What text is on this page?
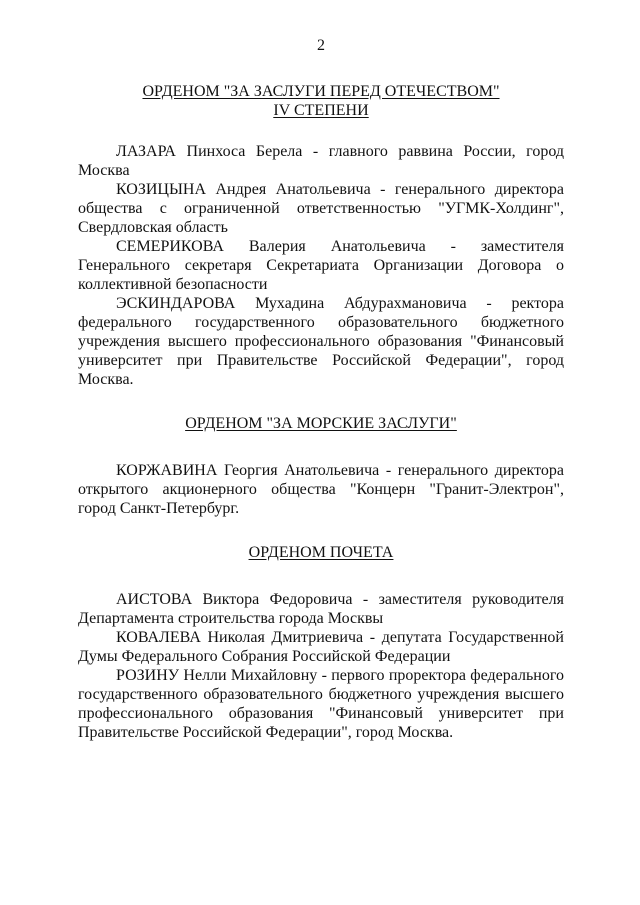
2
ОРДЕНОМ "ЗА ЗАСЛУГИ ПЕРЕД ОТЕЧЕСТВОМ"
IV СТЕПЕНИ

ЛАЗАРА Пинхоса Берела - главного раввина России, город Москва

КОЗИЦЫНА Андрея Анатольевича - генерального директора общества с ограниченной ответственностью "УГМК-Холдинг", Свердловская область

СЕМЕРИКОВА Валерия Анатольевича - заместителя Генерального секретаря Секретариата Организации Договора о коллективной безопасности

ЭСКИНДАРОВА Мухадина Абдурахмановича - ректора федерального государственного образовательного бюджетного учреждения высшего профессионального образования "Финансовый университет при Правительстве Российской Федерации", город Москва.

ОРДЕНОМ "ЗА МОРСКИЕ ЗАСЛУГИ"

КОРЖАВИНА Георгия Анатольевича - генерального директора открытого акционерного общества "Концерн "Гранит-Электрон", город Санкт-Петербург.

ОРДЕНОМ ПОЧЕТА

АИСТОВА Виктора Федоровича - заместителя руководителя Департамента строительства города Москвы

КОВАЛЕВА Николая Дмитриевича - депутата Государственной Думы Федерального Собрания Российской Федерации

РОЗИНУ Нелли Михайловну - первого проректора федерального государственного образовательного бюджетного учреждения высшего профессионального образования "Финансовый университет при Правительстве Российской Федерации", город Москва.
